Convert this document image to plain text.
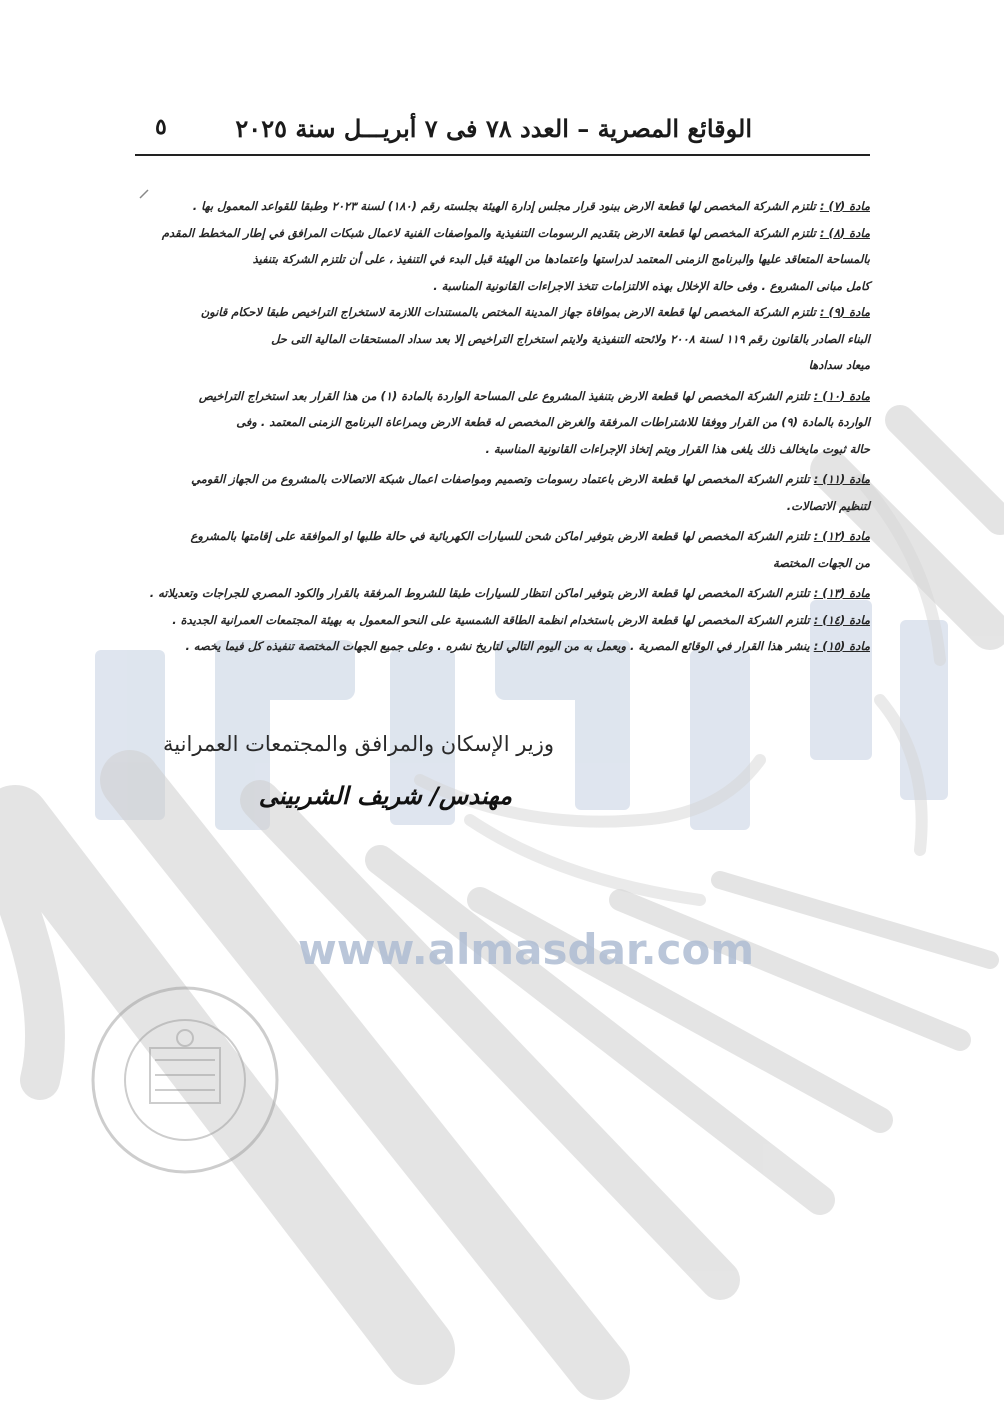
الوقائع المصرية – العدد ٧٨ فى ٧ أبريـــل سنة ٢٠٢٥
٥

مادة (٧) : تلتزم الشركة المخصص لها قطعة الارض ببنود قرار مجلس إدارة الهيئة بجلسته رقم (١٨٠) لسنة ٢٠٢٣ وطبقا للقواعد المعمول بها .

مادة (٨) : تلتزم الشركة المخصص لها قطعة الارض بتقديم الرسومات التنفيذية والمواصفات الفنية لاعمال شبكات المرافق في إطار المخطط المقدم
بالمساحة المتعاقد عليها والبرنامج الزمنى المعتمد لدراستها واعتمادها من الهيئة قبل البدء في التنفيذ ، على أن تلتزم الشركة بتنفيذ
كامل مبانى المشروع . وفى حالة الإخلال بهذه الالتزامات تتخذ الاجراءات القانونية المناسبة .

مادة (٩) : تلتزم الشركة المخصص لها قطعة الارض بموافاة جهاز المدينة المختص بالمستندات اللازمة لاستخراج التراخيص طبقا لاحكام قانون
البناء الصادر بالقانون رقم ١١٩ لسنة ٢٠٠٨ ولائحته التنفيذية ولايتم استخراج التراخيص إلا بعد سداد المستحقات المالية التى حل
ميعاد سدادها

مادة (١٠) : تلتزم الشركة المخصص لها قطعة الارض بتنفيذ المشروع على المساحة الواردة بالمادة (١) من هذا القرار بعد استخراج التراخيص
الواردة بالمادة (٩) من القرار ووفقا للاشتراطات المرفقة والغرض المخصص له قطعة الارض وبمراعاة البرنامج الزمنى المعتمد . وفى
حالة ثبوت مايخالف ذلك يلغى هذا القرار ويتم إتخاذ الإجراءات القانونية المناسبة .

مادة (١١) : تلتزم الشركة المخصص لها قطعة الارض باعتماد رسومات وتصميم ومواصفات اعمال شبكة الاتصالات بالمشروع من الجهاز القومي
لتنظيم الاتصالات.

مادة (١٢) : تلتزم الشركة المخصص لها قطعة الارض بتوفير اماكن شحن للسيارات الكهربائية في حالة طلبها او الموافقة على إقامتها بالمشروع
من الجهات المختصة

مادة (١٣) : تلتزم الشركة المخصص لها قطعة الارض بتوفير اماكن انتظار للسيارات طبقا للشروط المرفقة بالقرار والكود المصري للجراجات وتعديلاته .

مادة (١٤) : تلتزم الشركة المخصص لها قطعة الارض باستخدام انظمة الطاقة الشمسية على النحو المعمول به بهيئة المجتمعات العمرانية الجديدة .

مادة (١٥) : ينشر هذا القرار في الوقائع المصرية . ويعمل به من اليوم التالي لتاريخ نشره . وعلى جميع الجهات المختصة تنفيذه كل فيما يخصه .

وزير الإسكان والمرافق والمجتمعات العمرانية
مهندس/ شريف الشربينى
www.almasdar.com
